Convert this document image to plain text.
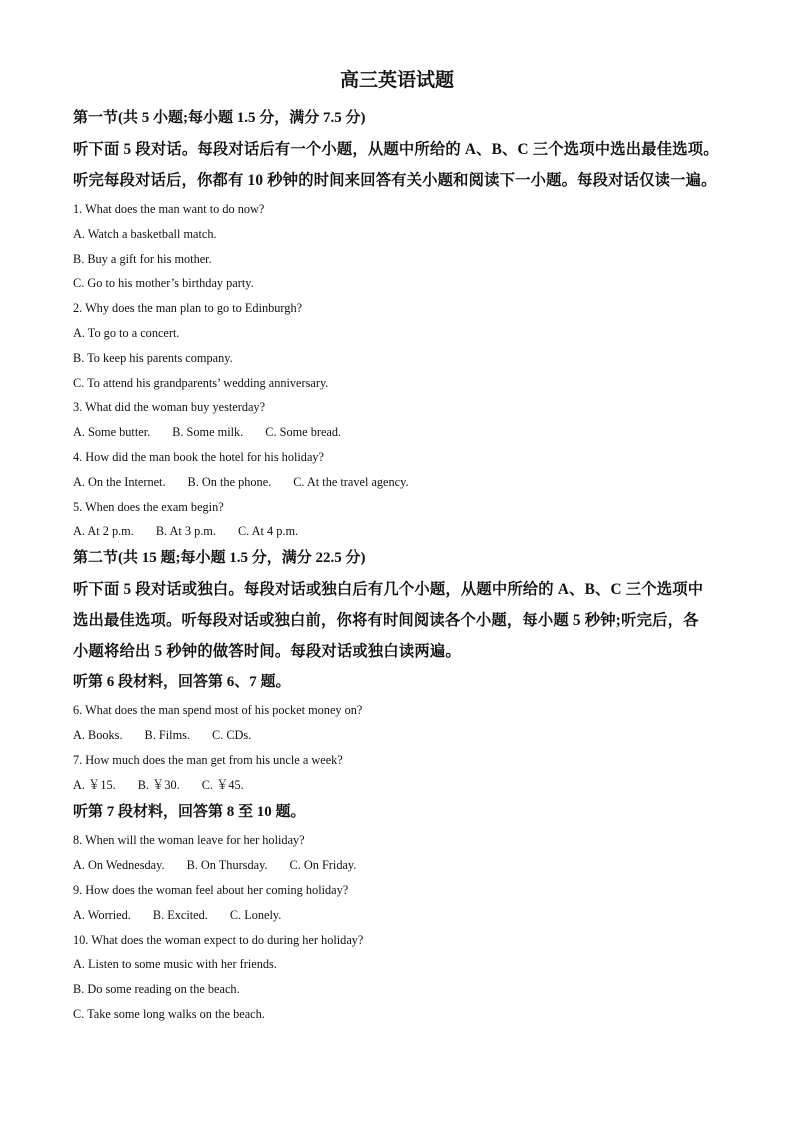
高三英语试题
第一节(共 5 小题;每小题 1.5 分，满分 7.5 分)
听下面 5 段对话。每段对话后有一个小题，从题中所给的 A、B、C 三个选项中选出最佳选项。
听完每段对话后，你都有 10 秒钟的时间来回答有关小题和阅读下一小题。每段对话仅读一遍。
1. What does the man want to do now?
A. Watch a basketball match.
B. Buy a gift for his mother.
C. Go to his mother’s birthday party.
2. Why does the man plan to go to Edinburgh?
A. To go to a concert.
B. To keep his parents company.
C. To attend his grandparents’ wedding anniversary.
3. What did the woman buy yesterday?
A. Some butter. B. Some milk. C. Some bread.
4. How did the man book the hotel for his holiday?
A. On the Internet. B. On the phone. C. At the travel agency.
5. When does the exam begin?
A. At 2 p.m. B. At 3 p.m. C. At 4 p.m.
第二节(共 15 题;每小题 1.5 分，满分 22.5 分)
听下面 5 段对话或独白。每段对话或独白后有几个小题，从题中所给的 A、B、C 三个选项中
选出最佳选项。听每段对话或独白前，你将有时间阅读各个小题，每小题 5 秒钟;听完后，各
小题将给出 5 秒钟的做答时间。每段对话或独白读两遍。
听第 6 段材料，回答第 6、7 题。
6. What does the man spend most of his pocket money on?
A. Books. B. Films. C. CDs.
7. How much does the man get from his uncle a week?
A. ￥15. B. ￥30. C. ￥45.
听第 7 段材料，回答第 8 至 10 题。
8. When will the woman leave for her holiday?
A. On Wednesday. B. On Thursday. C. On Friday.
9. How does the woman feel about her coming holiday?
A. Worried. B. Excited. C. Lonely.
10. What does the woman expect to do during her holiday?
A. Listen to some music with her friends.
B. Do some reading on the beach.
C. Take some long walks on the beach.
